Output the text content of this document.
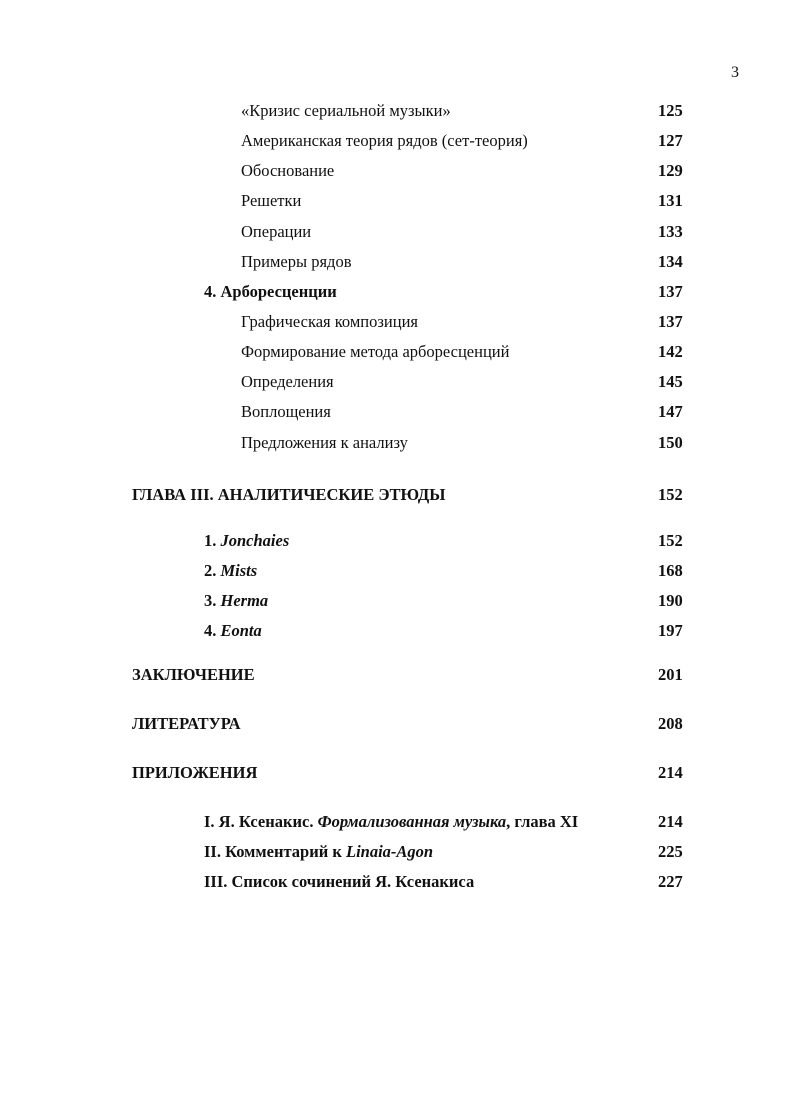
3
«Кризис сериальной музыки»	125
Американская теория рядов (сет-теория)	127
Обоснование	129
Решетки	131
Операции	133
Примеры рядов	134
4. Арборесценции	137
Графическая композиция	137
Формирование метода арборесценций	142
Определения	145
Воплощения	147
Предложения к анализу	150
ГЛАВА III. АНАЛИТИЧЕСКИЕ ЭТЮДЫ	152
1. Jonchaies	152
2. Mists	168
3. Herma	190
4. Eonta	197
ЗАКЛЮЧЕНИЕ	201
ЛИТЕРАТУРА	208
ПРИЛОЖЕНИЯ	214
I. Я. Ксенакис. Формализованная музыка, глава XI	214
II. Комментарий к Linaia-Agon	225
III. Список сочинений Я. Ксенакиса	227
